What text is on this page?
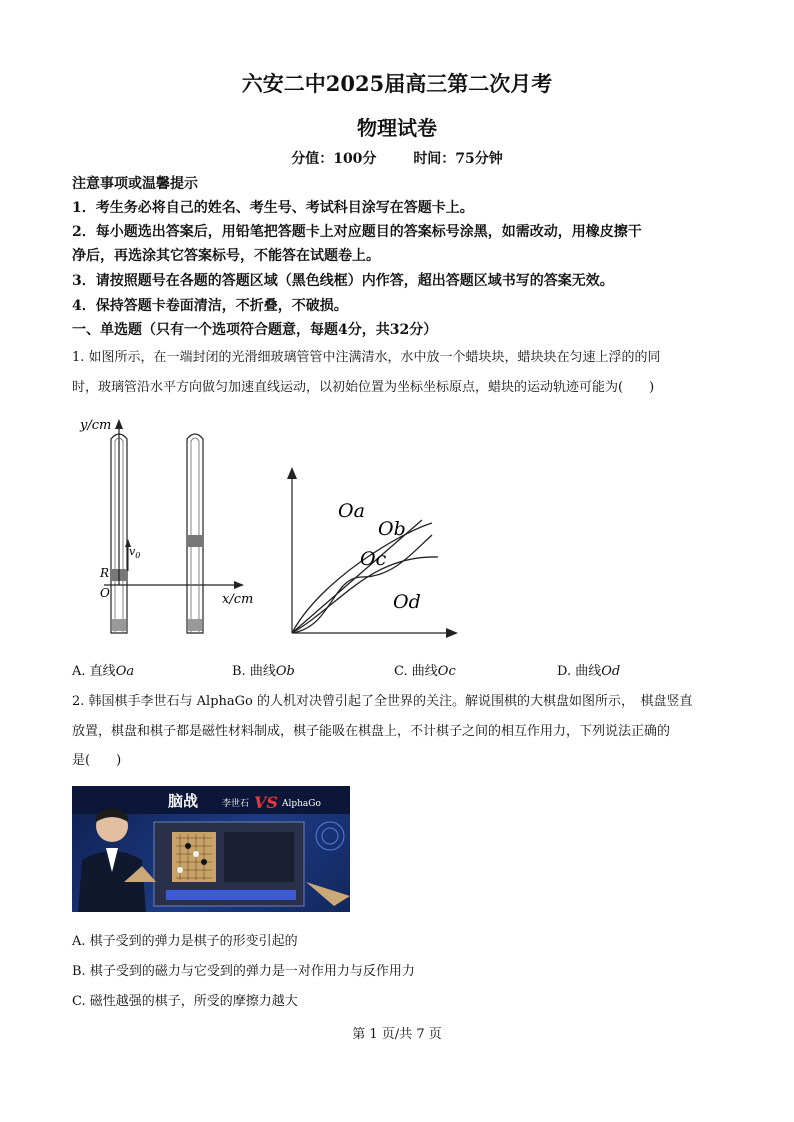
六安二中2025届高三第二次月考
物理试卷
分值：100分	时间：75分钟
注意事项或温馨提示
1．考生务必将自己的姓名、考生号、考试科目涂写在答题卡上。
2．每小题选出答案后，用铅笔把答题卡上对应题目的答案标号涂黑，如需改动，用橡皮擦干
净后，再选涂其它答案标号，不能答在试题卷上。
3．请按照题号在各题的答题区域（黑色线框）内作答，超出答题区域书写的答案无效。
4．保持答题卡卷面清洁，不折叠，不破损。
一、单选题（只有一个选项符合题意，每题4分，共32分）
1. 如图所示，在一端封闭的光滑细玻璃管管中注满清水，水中放一个蜡块块，蜡块块在匀速上浮的的同
时，玻璃管沿水平方向做匀加速直线运动，以初始位置为坐标坐标原点，蜡块的运动轨迹可能为(　　)
y/cm
x/cm
$v_0$
R
O
Oa
Ob
Oc
Od
A. 直线Oa	B. 曲线Ob	C. 曲线Oc	D. 曲线Od
2. 韩国棋手李世石与 AlphaGo 的人机对决曾引起了全世界的关注。解说围棋的大棋盘如图所示，　棋盘竖直
放置，棋盘和棋子都是磁性材料制成，棋子能吸在棋盘上，不计棋子之间的相互作用力，下列说法正确的
是(　　)
脑战	李世石 VS AlphaGo
A. 棋子受到的弹力是棋子的形变引起的
B. 棋子受到的磁力与它受到的弹力是一对作用力与反作用力
C. 磁性越强的棋子，所受的摩擦力越大
第 1 页/共 7 页
